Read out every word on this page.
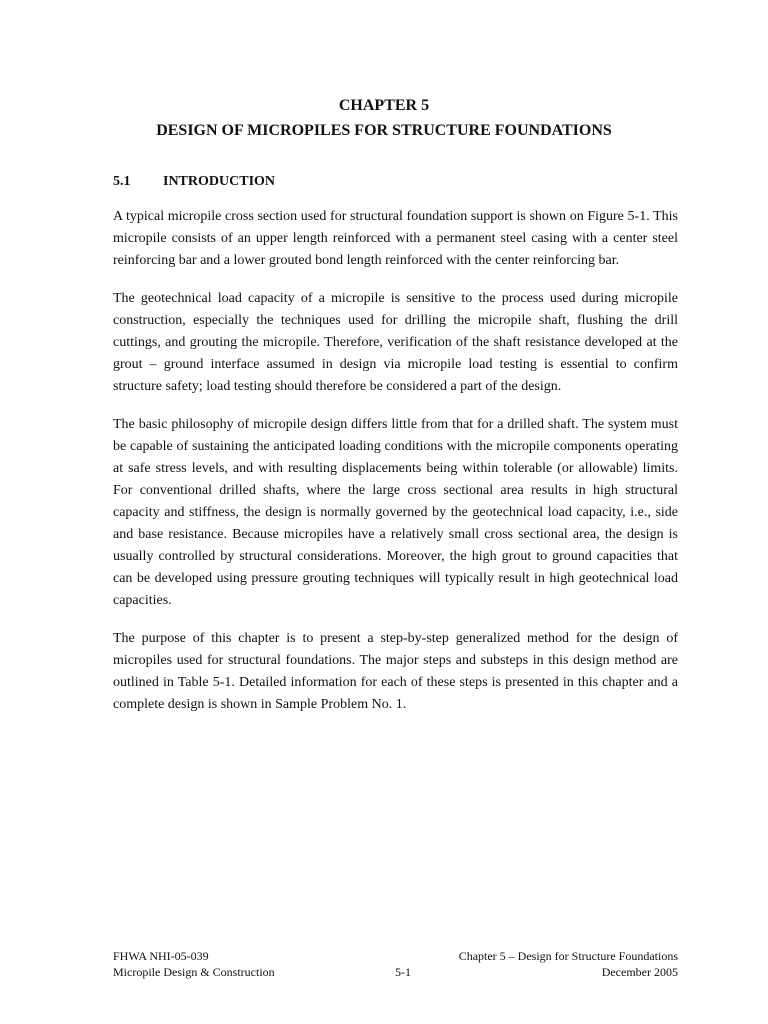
CHAPTER 5
DESIGN OF MICROPILES FOR STRUCTURE FOUNDATIONS
5.1 INTRODUCTION

A typical micropile cross section used for structural foundation support is shown on Figure 5-1. This micropile consists of an upper length reinforced with a permanent steel casing with a center steel reinforcing bar and a lower grouted bond length reinforced with the center reinforcing bar.

The geotechnical load capacity of a micropile is sensitive to the process used during micropile construction, especially the techniques used for drilling the micropile shaft, flushing the drill cuttings, and grouting the micropile. Therefore, verification of the shaft resistance developed at the grout – ground interface assumed in design via micropile load testing is essential to confirm structure safety; load testing should therefore be considered a part of the design.

The basic philosophy of micropile design differs little from that for a drilled shaft. The system must be capable of sustaining the anticipated loading conditions with the micropile components operating at safe stress levels, and with resulting displacements being within tolerable (or allowable) limits. For conventional drilled shafts, where the large cross sectional area results in high structural capacity and stiffness, the design is normally governed by the geotechnical load capacity, i.e., side and base resistance. Because micropiles have a relatively small cross sectional area, the design is usually controlled by structural considerations. Moreover, the high grout to ground capacities that can be developed using pressure grouting techniques will typically result in high geotechnical load capacities.

The purpose of this chapter is to present a step-by-step generalized method for the design of micropiles used for structural foundations. The major steps and substeps in this design method are outlined in Table 5-1. Detailed information for each of these steps is presented in this chapter and a complete design is shown in Sample Problem No. 1.

FHWA NHI-05-039	Chapter 5 – Design for Structure Foundations
Micropile Design & Construction	5-1	December 2005
